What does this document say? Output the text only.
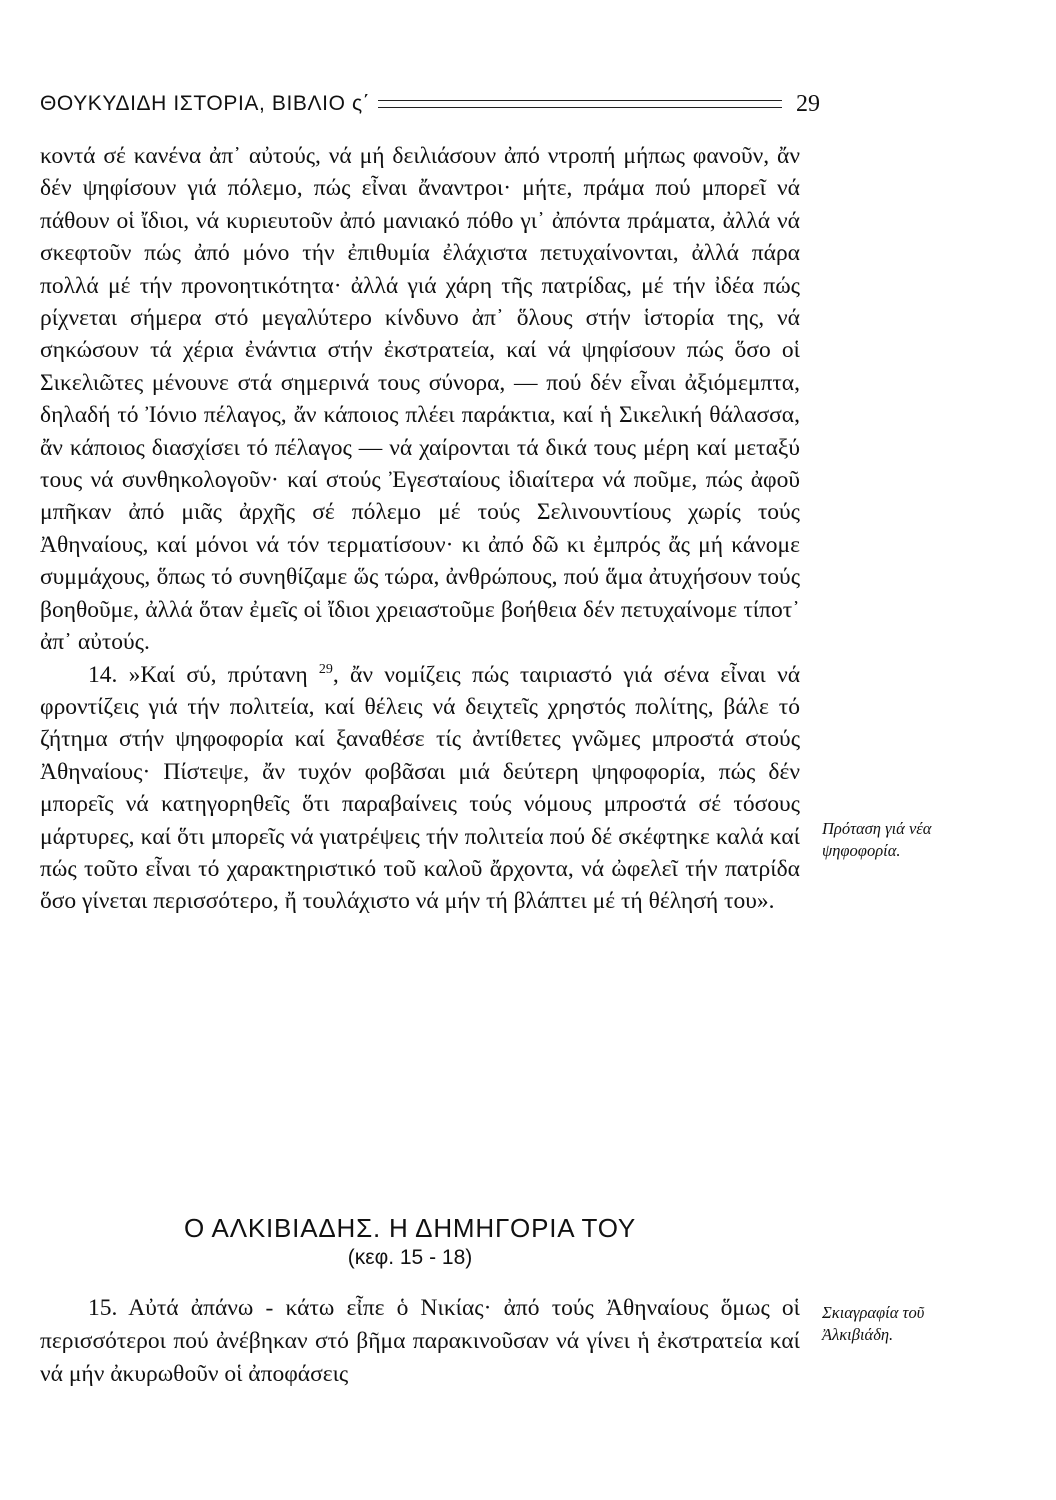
ΘΟΥΚΥΔΙΔΗ ΙΣΤΟΡΙΑ, ΒΙΒΛΙΟ ς΄	29

κοντά σέ κανένα ἀπ᾽ αὐτούς, νά μή δειλιάσουν ἀπό ντροπή μήπως φανοῦν, ἄν δέν ψηφίσουν γιά πόλεμο, πώς εἶναι ἄναντροι· μήτε, πράμα πού μπορεῖ νά πάθουν οἱ ἴδιοι, νά κυριευτοῦν ἀπό μανιακό πόθο γι᾽ ἀπόντα πράματα, ἀλλά νά σκεφτοῦν πώς ἀπό μόνο τήν ἐπιθυμία ἐλάχιστα πετυχαίνονται, ἀλλά πάρα πολλά μέ τήν προνοητικότητα· ἀλλά γιά χάρη τῆς πατρίδας, μέ τήν ἰδέα πώς ρίχνεται σήμερα στό μεγαλύτερο κίνδυνο ἀπ᾽ ὅλους στήν ἱστορία της, νά σηκώσουν τά χέρια ἐνάντια στήν ἐκστρατεία, καί νά ψηφίσουν πώς ὅσο οἱ Σικελιῶτες μένουνε στά σημερινά τους σύνορα, — πού δέν εἶναι ἀξιόμεμπτα, δηλαδή τό Ἰόνιο πέλαγος, ἄν κάποιος πλέει παράκτια, καί ἡ Σικελική θάλασσα, ἄν κάποιος διασχίσει τό πέλαγος — νά χαίρονται τά δικά τους μέρη καί μεταξύ τους νά συνθηκολογοῦν· καί στούς Ἐγεσταίους ἰδιαίτερα νά ποῦμε, πώς ἀφοῦ μπῆκαν ἀπό μιᾶς ἀρχῆς σέ πόλεμο μέ τούς Σελινουντίους χωρίς τούς Ἀθηναίους, καί μόνοι νά τόν τερματίσουν· κι ἀπό δῶ κι ἐμπρός ἄς μή κάνομε συμμάχους, ὅπως τό συνηθίζαμε ὥς τώρα, ἀνθρώπους, πού ἅμα ἀτυχήσουν τούς βοηθοῦμε, ἀλλά ὅταν ἐμεῖς οἱ ἴδιοι χρειαστοῦμε βοήθεια δέν πετυχαίνομε τίποτ᾽ ἀπ᾽ αὐτούς.

14. »Καί σύ, πρύτανη $^{29}$, ἄν νομίζεις πώς ταιριαστό γιά σένα εἶναι νά φροντίζεις γιά τήν πολιτεία, καί θέλεις νά δειχτεῖς χρηστός πολίτης, βάλε τό ζήτημα στήν ψηφοφορία καί ξαναθέσε τίς ἀντίθετες γνῶμες μπροστά στούς Ἀθηναίους· Πίστεψε, ἄν τυχόν φοβᾶσαι μιά δεύτερη ψηφοφορία, πώς δέν μπορεῖς νά κατηγορηθεῖς ὅτι παραβαίνεις τούς νόμους μπροστά σέ τόσους μάρτυρες, καί ὅτι μπορεῖς νά γιατρέψεις τήν πολιτεία πού δέ σκέφτηκε καλά καί πώς τοῦτο εἶναι τό χαρακτηριστικό τοῦ καλοῦ ἄρχοντα, νά ὠφελεῖ τήν πατρίδα ὅσο γίνεται περισσότερο, ἤ τουλάχιστο νά μήν τή βλάπτει μέ τή θέλησή του».

Πρόταση γιά νέα ψηφοφορία.
Ο ΑΛΚΙΒΙΑΔΗΣ. Η ΔΗΜΗΓΟΡΙΑ ΤΟΥ
(κεφ. 15 - 18)

15. Αὐτά ἀπάνω - κάτω εἶπε ὁ Νικίας· ἀπό τούς Ἀθηναίους ὅμως οἱ περισσότεροι πού ἀνέβηκαν στό βῆμα παρακινοῦσαν νά γίνει ἡ ἐκστρατεία καί νά μήν ἀκυρωθοῦν οἱ ἀποφάσεις

Σκιαγραφία τοῦ Ἀλκιβιάδη.
